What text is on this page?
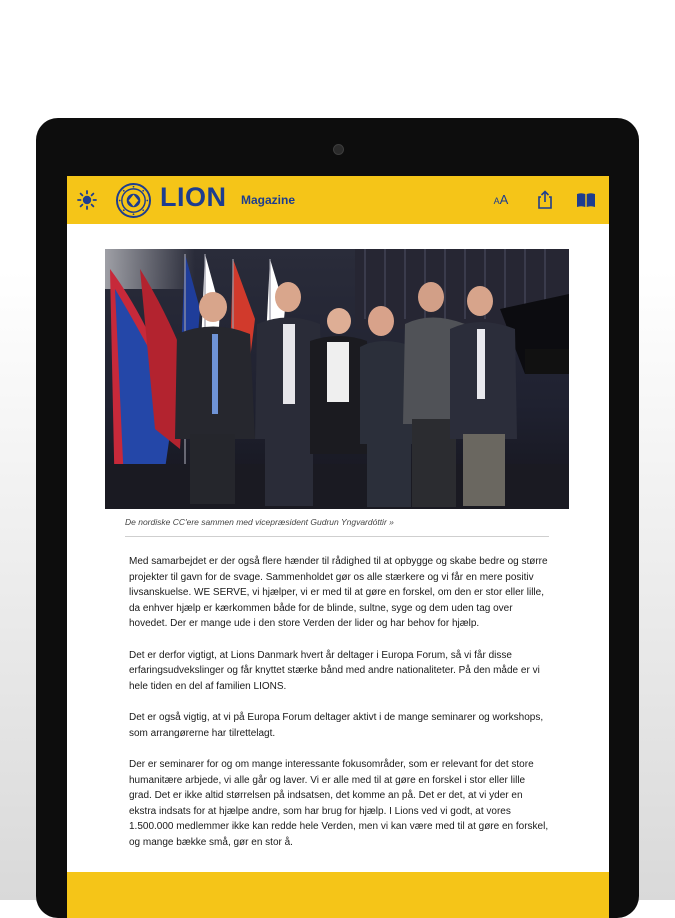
LION Magazine	AA
De nordiske CC'ere sammen med vicepræsident Gudrun Yngvardóttir »

Med samarbejdet er der også flere hænder til rådighed til at opbygge og skabe bedre og større projekter til gavn for de svage. Sammenholdet gør os alle stærkere og vi får en mere positiv livsanskuelse. WE SERVE, vi hjælper, vi er med til at gøre en forskel, om den er stor eller lille, da enhver hjælp er kærkommen både for de blinde, sultne, syge og dem uden tag over hovedet. Der er mange ude i den store Verden der lider og har behov for hjælp.

Det er derfor vigtigt, at Lions Danmark hvert år deltager i Europa Forum, så vi får disse erfaringsudvekslinger og får knyttet stærke bånd med andre nationaliteter. På den måde er vi hele tiden en del af familien LIONS.

Det er også vigtig, at vi på Europa Forum deltager aktivt i de mange seminarer og workshops, som arrangørerne har tilrettelagt.

Der er seminarer for og om mange interessante fokusområder, som er relevant for det store humanitære arbjede, vi alle går og laver. Vi er alle med til at gøre en forskel i stor eller lille grad. Det er ikke altid størrelsen på indsatsen, det komme an på. Det er det, at vi yder en ekstra indsats for at hjælpe andre, som har brug for hjælp. I Lions ved vi godt, at vores 1.500.000 medlemmer ikke kan redde hele Verden, men vi kan være med til at gøre en forskel, og mange bække små, gør en stor å.
